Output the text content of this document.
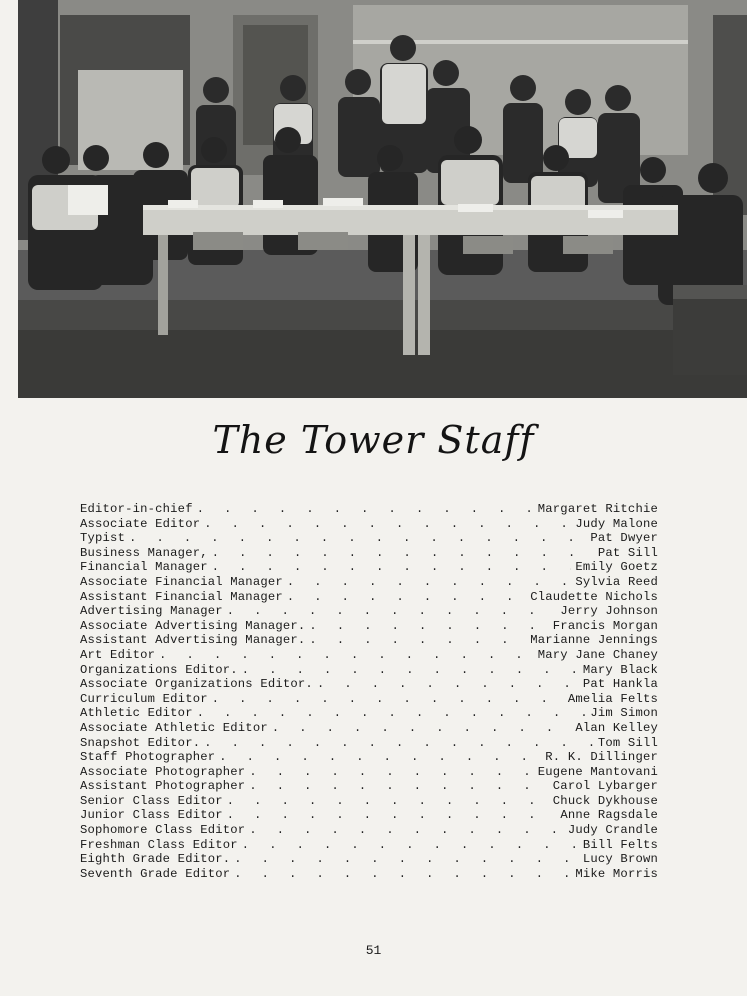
The Tower Staff
Editor-in-chief . . .	Margaret Ritchie
Associate Editor . . .	Judy Malone
Typist . . .	Pat Dwyer
Business Manager, . . .	Pat Sill
Financial Manager . . .	Emily Goetz
Associate Financial Manager . . .	Sylvia Reed
Assistant Financial Manager . . .	Claudette Nichols
Advertising Manager . . .	Jerry Johnson
Associate Advertising Manager. . . .	Francis Morgan
Assistant Advertising Manager. . . .	Marianne Jennings
Art Editor . . .	Mary Jane Chaney
Organizations Editor. . . .	Mary Black
Associate Organizations Editor. . . .	Pat Hankla
Curriculum Editor . . .	Amelia Felts
Athletic Editor . . .	Jim Simon
Associate Athletic Editor . . .	Alan Kelley
Snapshot Editor. . . .	Tom Sill
Staff Photographer . . .	R. K. Dillinger
Associate Photographer . . .	Eugene Mantovani
Assistant Photographer . . .	Carol Lybarger
Senior Class Editor . . .	Chuck Dykhouse
Junior Class Editor . . .	Anne Ragsdale
Sophomore Class Editor . . .	Judy Crandle
Freshman Class Editor . . .	Bill Felts
Eighth Grade Editor. . . .	Lucy Brown
Seventh Grade Editor . . .	Mike Morris
51
